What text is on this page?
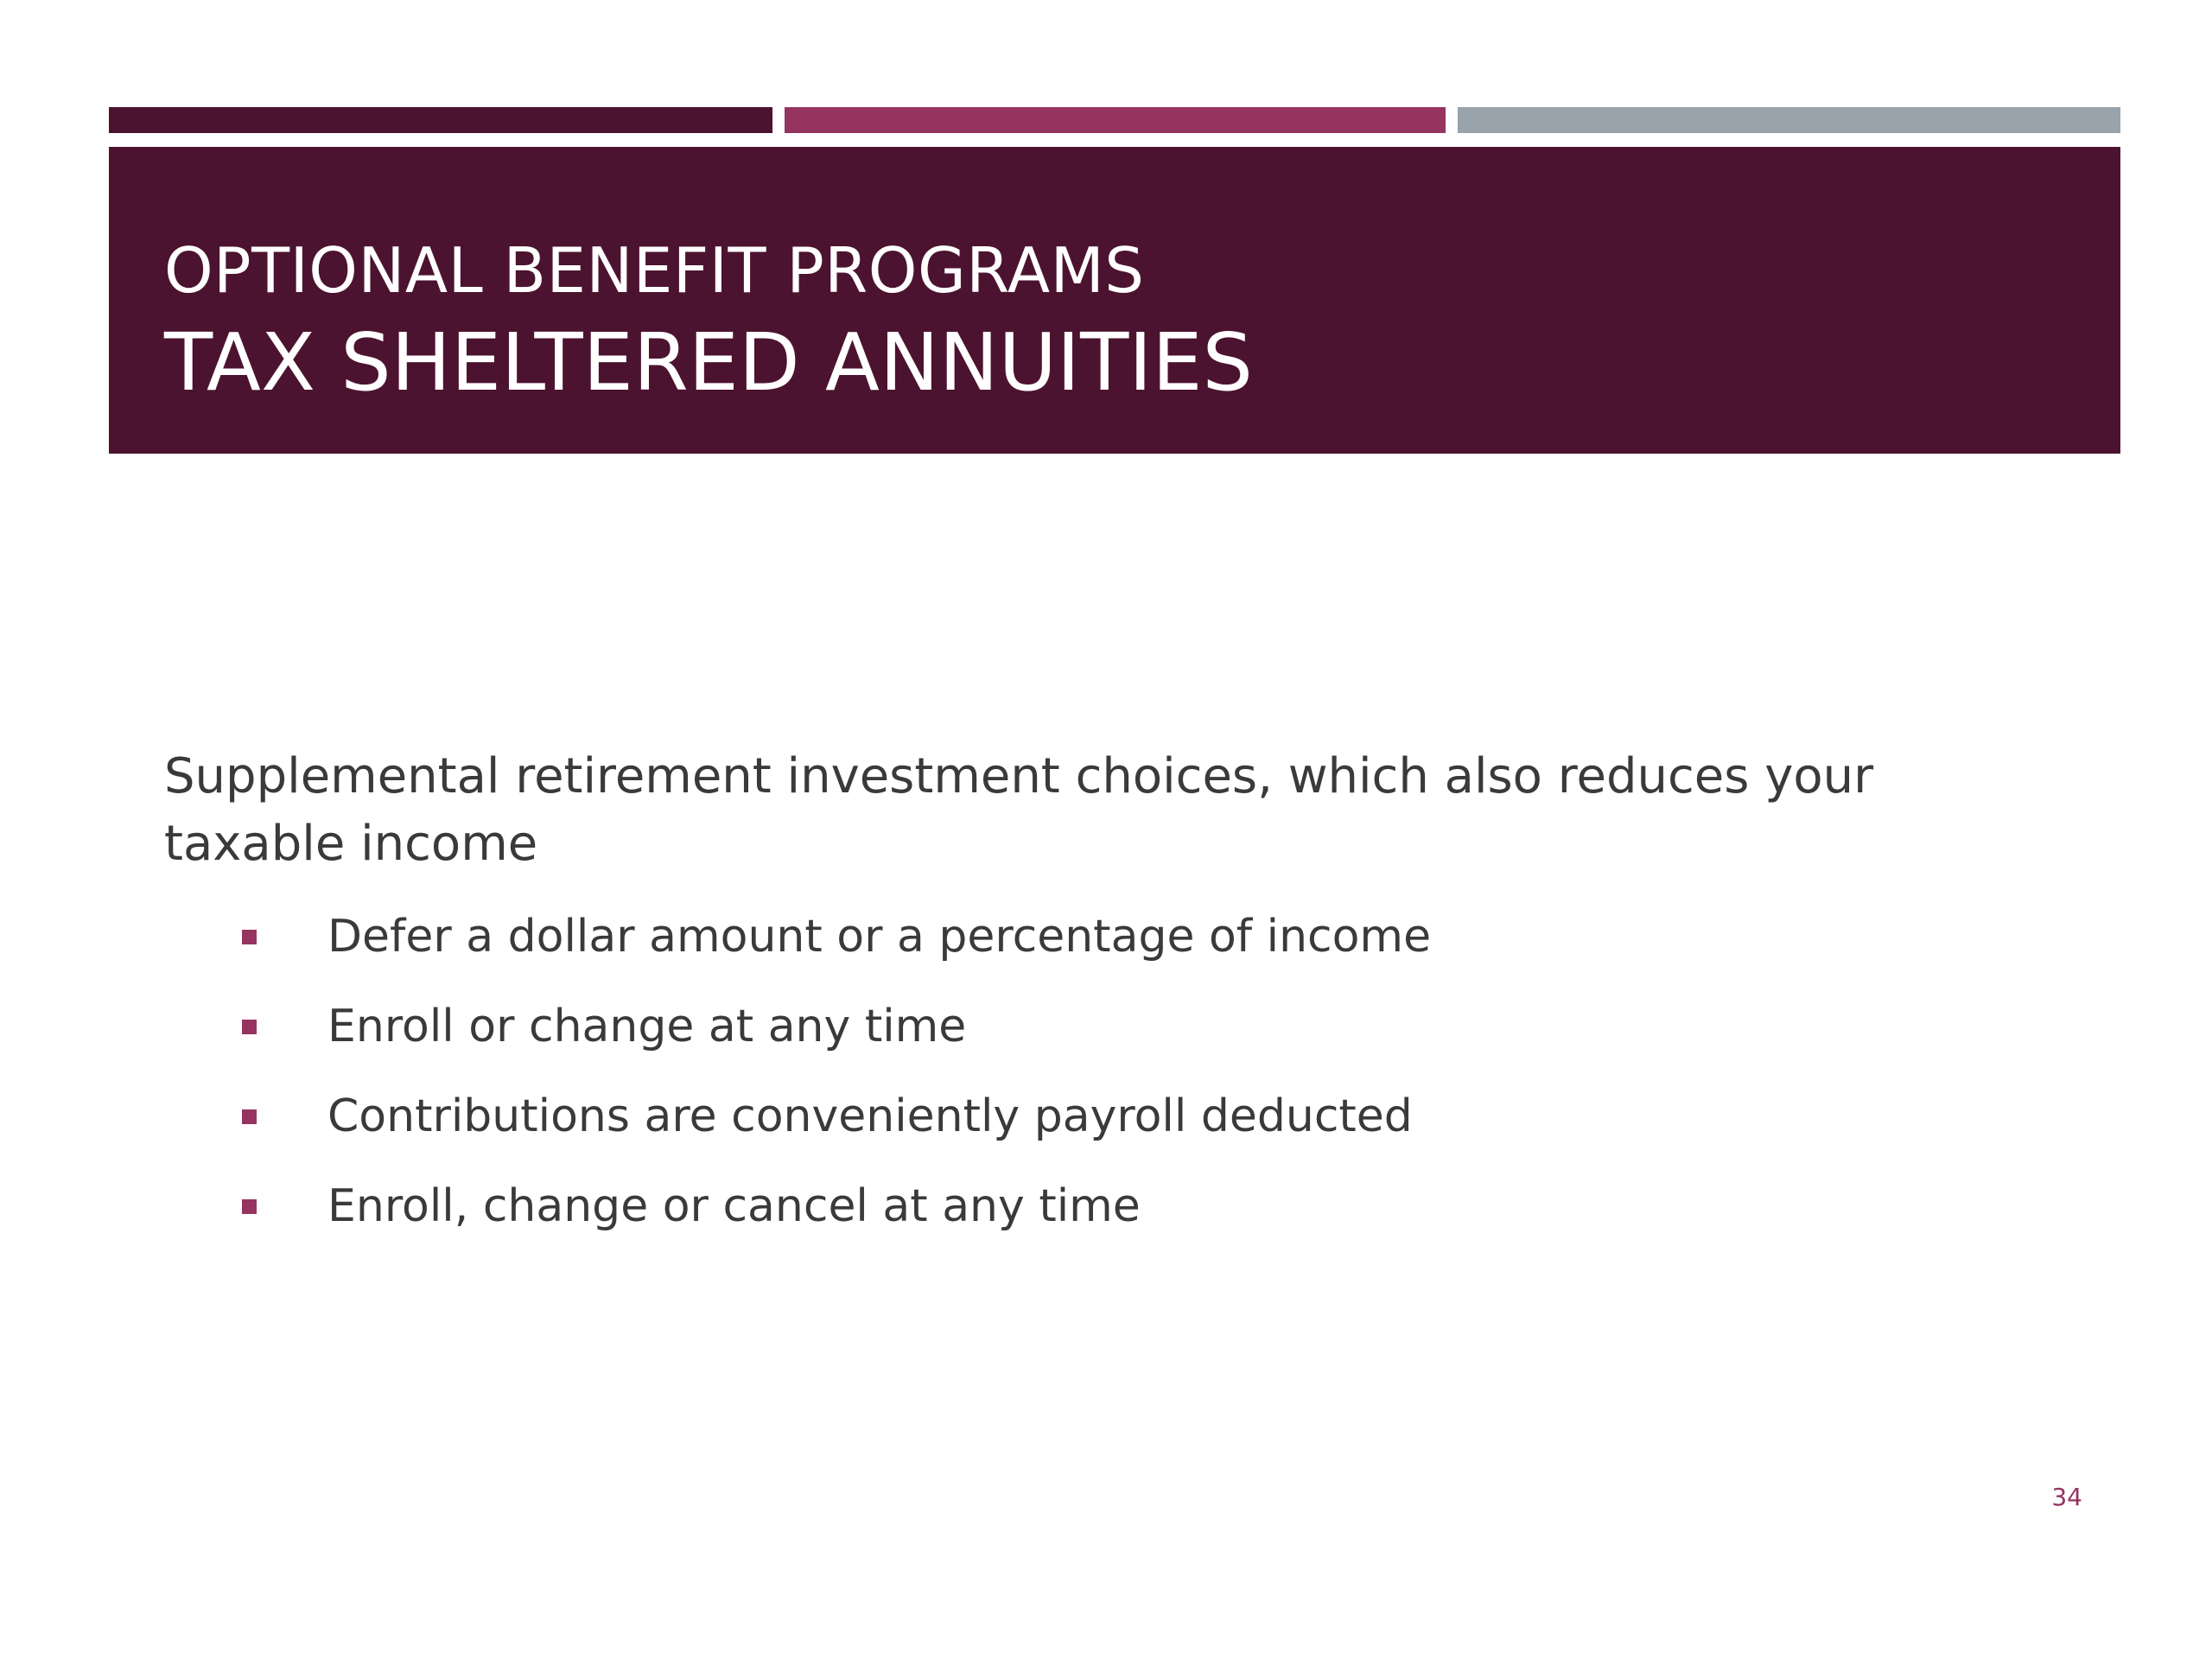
OPTIONAL BENEFIT PROGRAMS
TAX SHELTERED ANNUITIES
Supplemental retirement investment choices, which also reduces your taxable income
Defer a dollar amount or a percentage of income
Enroll or change at any time
Contributions are conveniently payroll deducted
Enroll, change or cancel at any time
34
